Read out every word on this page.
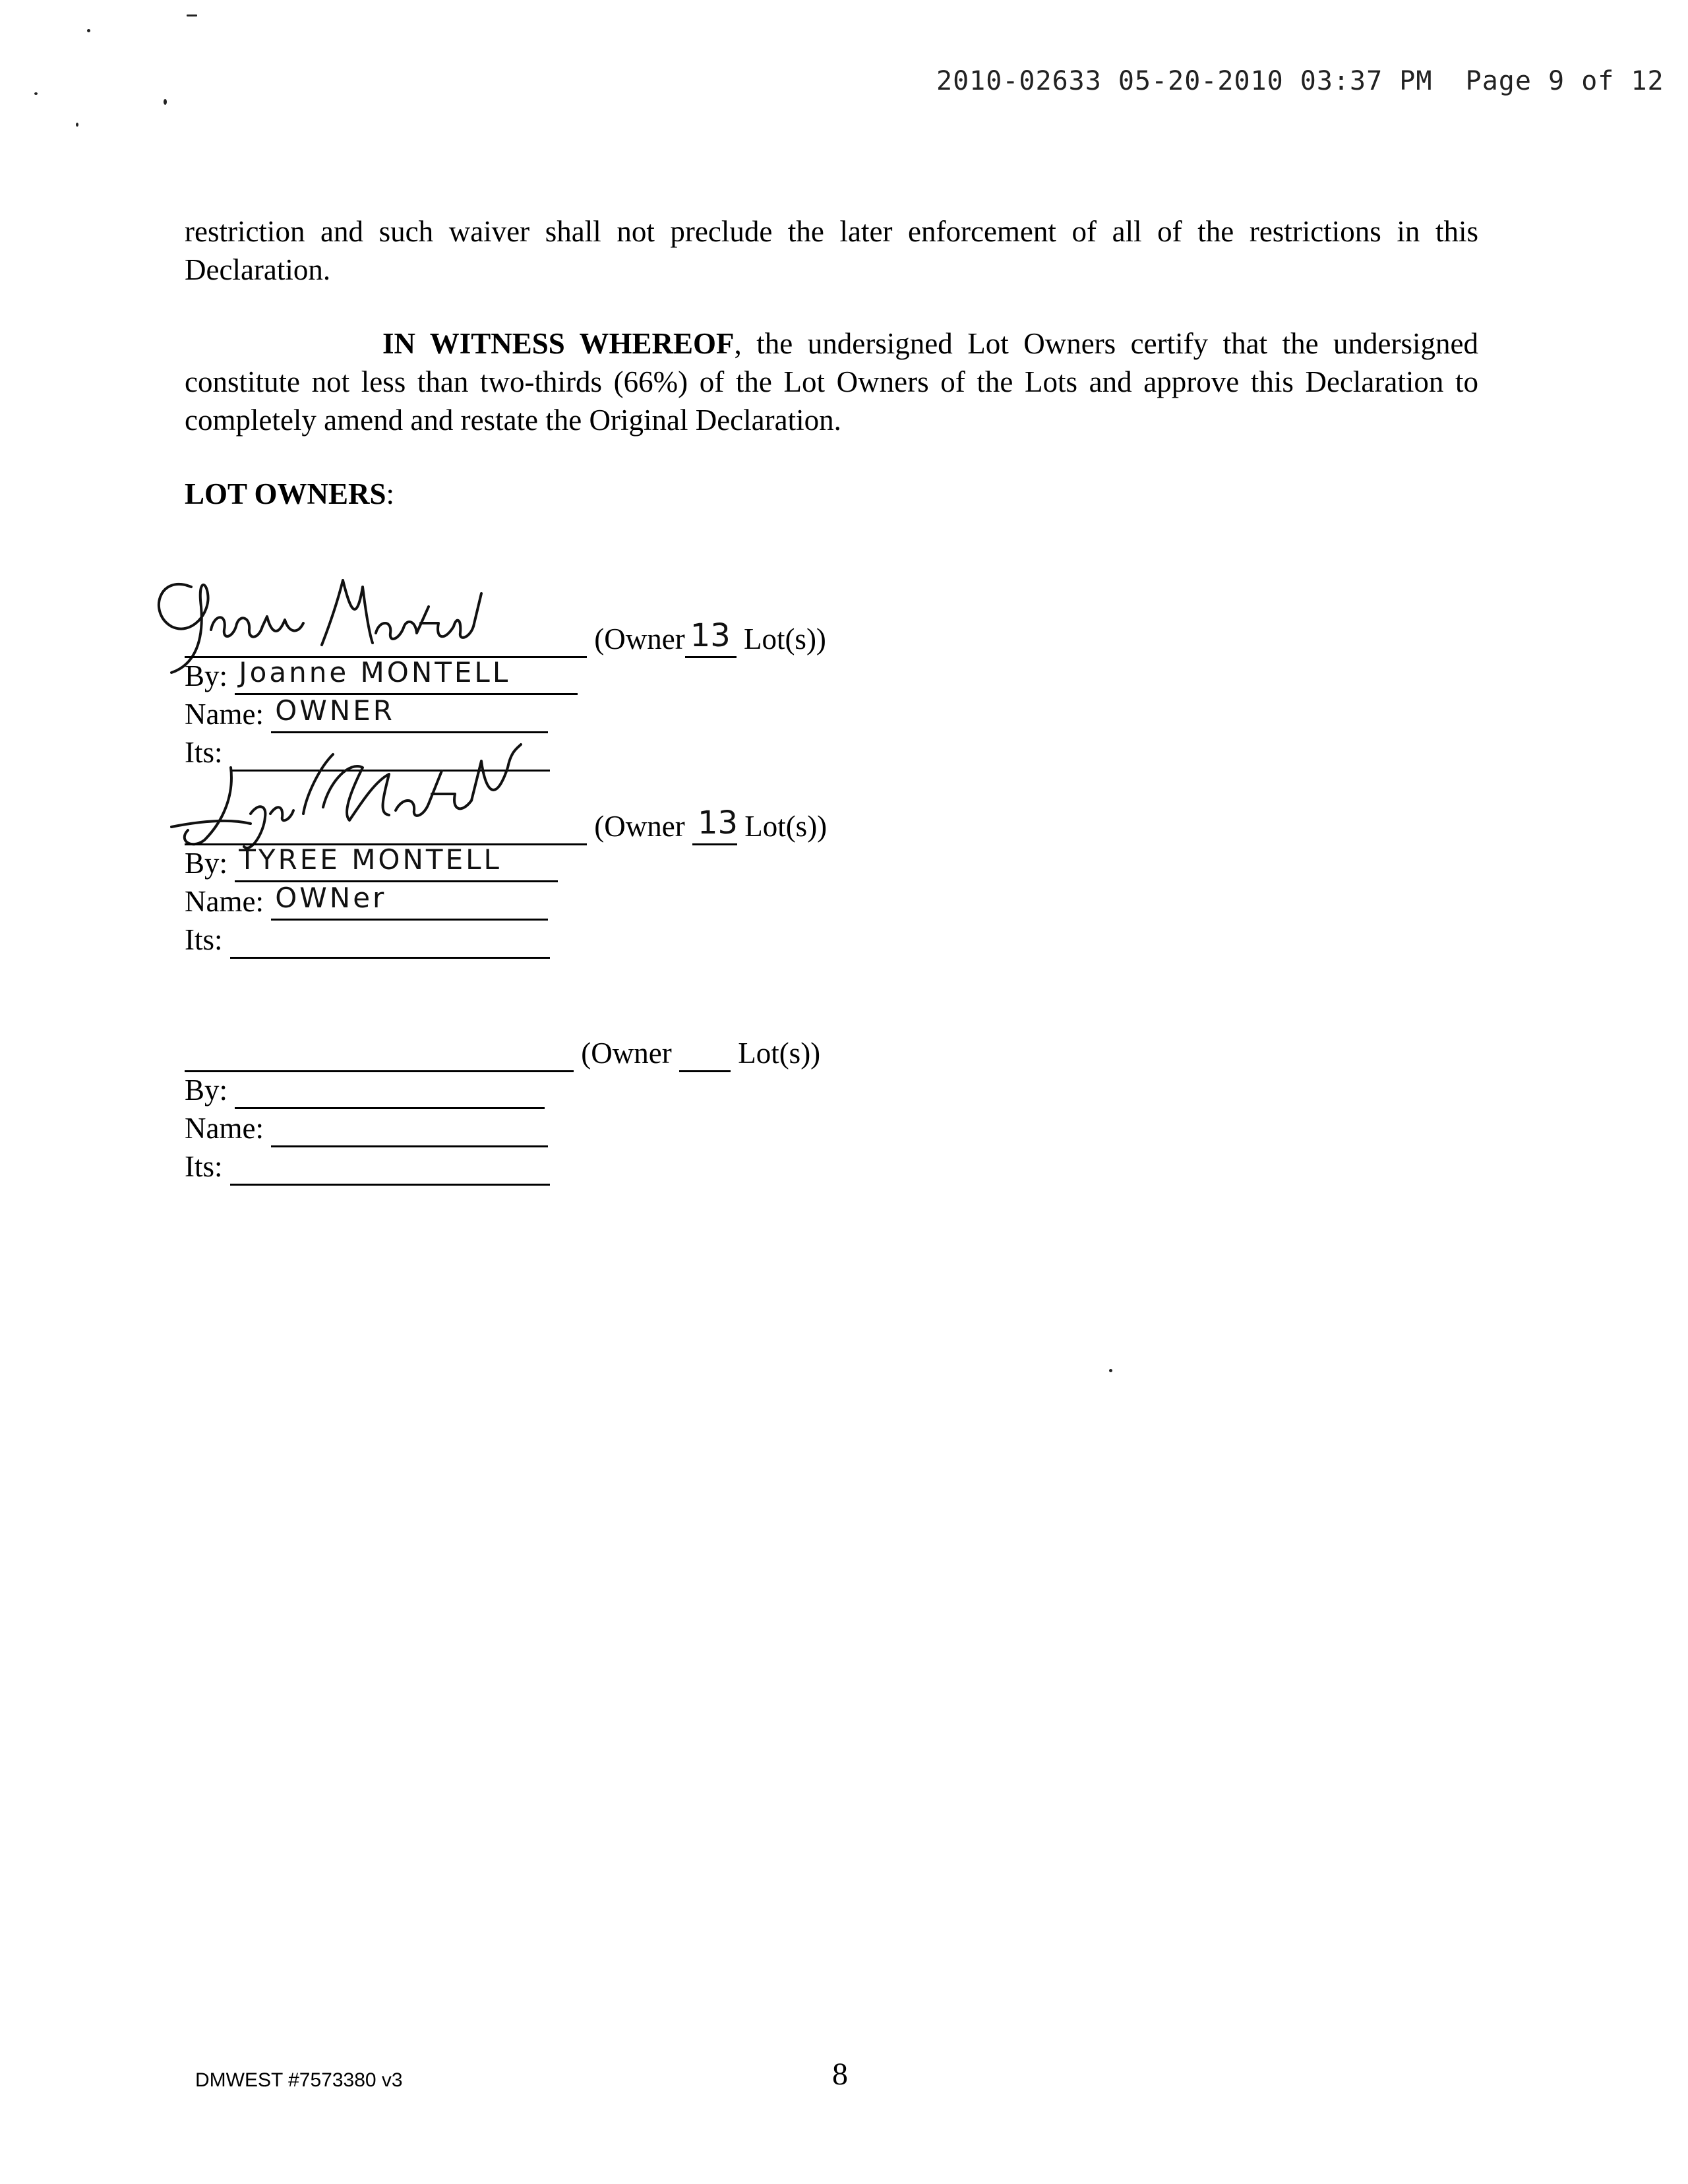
2010-02633 05-20-2010 03:37 PM  Page 9 of 12
restriction and such waiver shall not preclude the later enforcement of all of the restrictions in this Declaration.
IN WITNESS WHEREOF, the undersigned Lot Owners certify that the undersigned constitute not less than two-thirds (66%) of the Lot Owners of the Lots and approve this Declaration to completely amend and restate the Original Declaration.
LOT OWNERS:
(Owner 13 Lot(s))
By: Joanne MONTELL
Name: OWNER
Its:
(Owner 13 Lot(s))
By: TYREE MONTELL
Name: OWNer
Its:
(Owner Lot(s))
By:
Name:
Its:
DMWEST #7573380 v3	8
